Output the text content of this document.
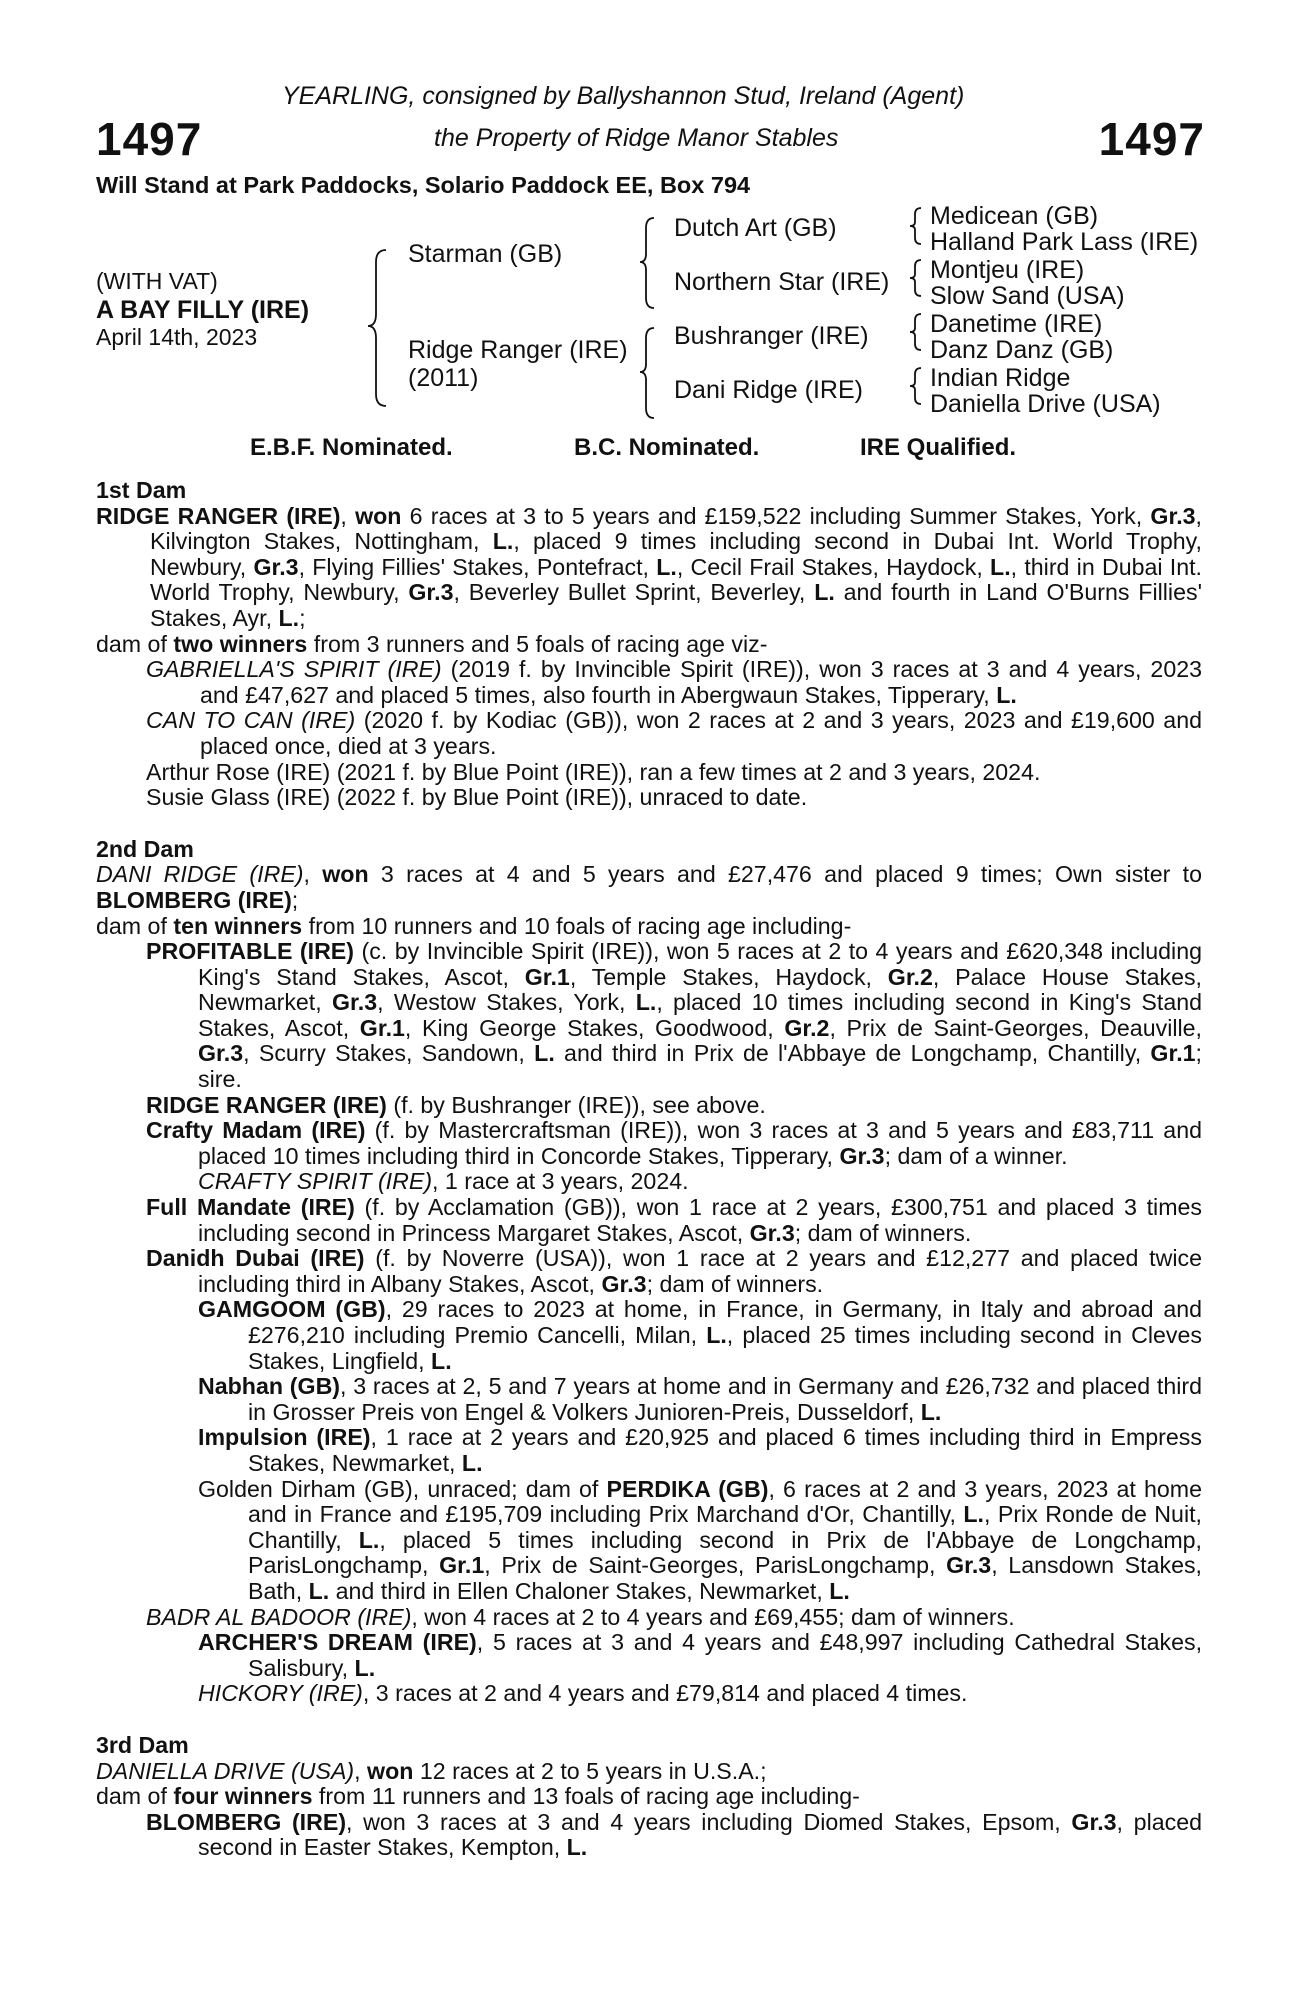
1497	1497
YEARLING, consigned by Ballyshannon Stud, Ireland (Agent)
the Property of Ridge Manor Stables
Will Stand at Park Paddocks, Solario Paddock EE, Box 794
(WITH VAT)
A BAY FILLY (IRE)
April 14th, 2023
Starman (GB)
Ridge Ranger (IRE)
(2011)
Dutch Art (GB)
Northern Star (IRE)
Bushranger (IRE)
Dani Ridge (IRE)
Medicean (GB)
Halland Park Lass (IRE)
Montjeu (IRE)
Slow Sand (USA)
Danetime (IRE)
Danz Danz (GB)
Indian Ridge
Daniella Drive (USA)
E.B.F. Nominated.	B.C. Nominated.	IRE Qualified.

1st Dam

RIDGE RANGER (IRE), won 6 races at 3 to 5 years and £159,522 including Summer Stakes, York, Gr.3, Kilvington Stakes, Nottingham, L., placed 9 times including second in Dubai Int. World Trophy, Newbury, Gr.3, Flying Fillies' Stakes, Pontefract, L., Cecil Frail Stakes, Haydock, L., third in Dubai Int. World Trophy, Newbury, Gr.3, Beverley Bullet Sprint, Beverley, L. and fourth in Land O'Burns Fillies' Stakes, Ayr, L.;

dam of two winners from 3 runners and 5 foals of racing age viz-

GABRIELLA'S SPIRIT (IRE) (2019 f. by Invincible Spirit (IRE)), won 3 races at 3 and 4 years, 2023 and £47,627 and placed 5 times, also fourth in Abergwaun Stakes, Tipperary, L.

CAN TO CAN (IRE) (2020 f. by Kodiac (GB)), won 2 races at 2 and 3 years, 2023 and £19,600 and placed once, died at 3 years.

Arthur Rose (IRE) (2021 f. by Blue Point (IRE)), ran a few times at 2 and 3 years, 2024.

Susie Glass (IRE) (2022 f. by Blue Point (IRE)), unraced to date.

2nd Dam

DANI RIDGE (IRE), won 3 races at 4 and 5 years and £27,476 and placed 9 times; Own sister to BLOMBERG (IRE);

dam of ten winners from 10 runners and 10 foals of racing age including-

PROFITABLE (IRE) (c. by Invincible Spirit (IRE)), won 5 races at 2 to 4 years and £620,348 including King's Stand Stakes, Ascot, Gr.1, Temple Stakes, Haydock, Gr.2, Palace House Stakes, Newmarket, Gr.3, Westow Stakes, York, L., placed 10 times including second in King's Stand Stakes, Ascot, Gr.1, King George Stakes, Goodwood, Gr.2, Prix de Saint-Georges, Deauville, Gr.3, Scurry Stakes, Sandown, L. and third in Prix de l'Abbaye de Longchamp, Chantilly, Gr.1; sire.

RIDGE RANGER (IRE) (f. by Bushranger (IRE)), see above.

Crafty Madam (IRE) (f. by Mastercraftsman (IRE)), won 3 races at 3 and 5 years and £83,711 and placed 10 times including third in Concorde Stakes, Tipperary, Gr.3; dam of a winner.

CRAFTY SPIRIT (IRE), 1 race at 3 years, 2024.

Full Mandate (IRE) (f. by Acclamation (GB)), won 1 race at 2 years, £300,751 and placed 3 times including second in Princess Margaret Stakes, Ascot, Gr.3; dam of winners.

Danidh Dubai (IRE) (f. by Noverre (USA)), won 1 race at 2 years and £12,277 and placed twice including third in Albany Stakes, Ascot, Gr.3; dam of winners.

GAMGOOM (GB), 29 races to 2023 at home, in France, in Germany, in Italy and abroad and £276,210 including Premio Cancelli, Milan, L., placed 25 times including second in Cleves Stakes, Lingfield, L.

Nabhan (GB), 3 races at 2, 5 and 7 years at home and in Germany and £26,732 and placed third in Grosser Preis von Engel & Volkers Junioren-Preis, Dusseldorf, L.

Impulsion (IRE), 1 race at 2 years and £20,925 and placed 6 times including third in Empress Stakes, Newmarket, L.

Golden Dirham (GB), unraced; dam of PERDIKA (GB), 6 races at 2 and 3 years, 2023 at home and in France and £195,709 including Prix Marchand d'Or, Chantilly, L., Prix Ronde de Nuit, Chantilly, L., placed 5 times including second in Prix de l'Abbaye de Longchamp, ParisLongchamp, Gr.1, Prix de Saint-Georges, ParisLongchamp, Gr.3, Lansdown Stakes, Bath, L. and third in Ellen Chaloner Stakes, Newmarket, L.

BADR AL BADOOR (IRE), won 4 races at 2 to 4 years and £69,455; dam of winners.

ARCHER'S DREAM (IRE), 5 races at 3 and 4 years and £48,997 including Cathedral Stakes, Salisbury, L.

HICKORY (IRE), 3 races at 2 and 4 years and £79,814 and placed 4 times.

3rd Dam

DANIELLA DRIVE (USA), won 12 races at 2 to 5 years in U.S.A.;

dam of four winners from 11 runners and 13 foals of racing age including-

BLOMBERG (IRE), won 3 races at 3 and 4 years including Diomed Stakes, Epsom, Gr.3, placed second in Easter Stakes, Kempton, L.
